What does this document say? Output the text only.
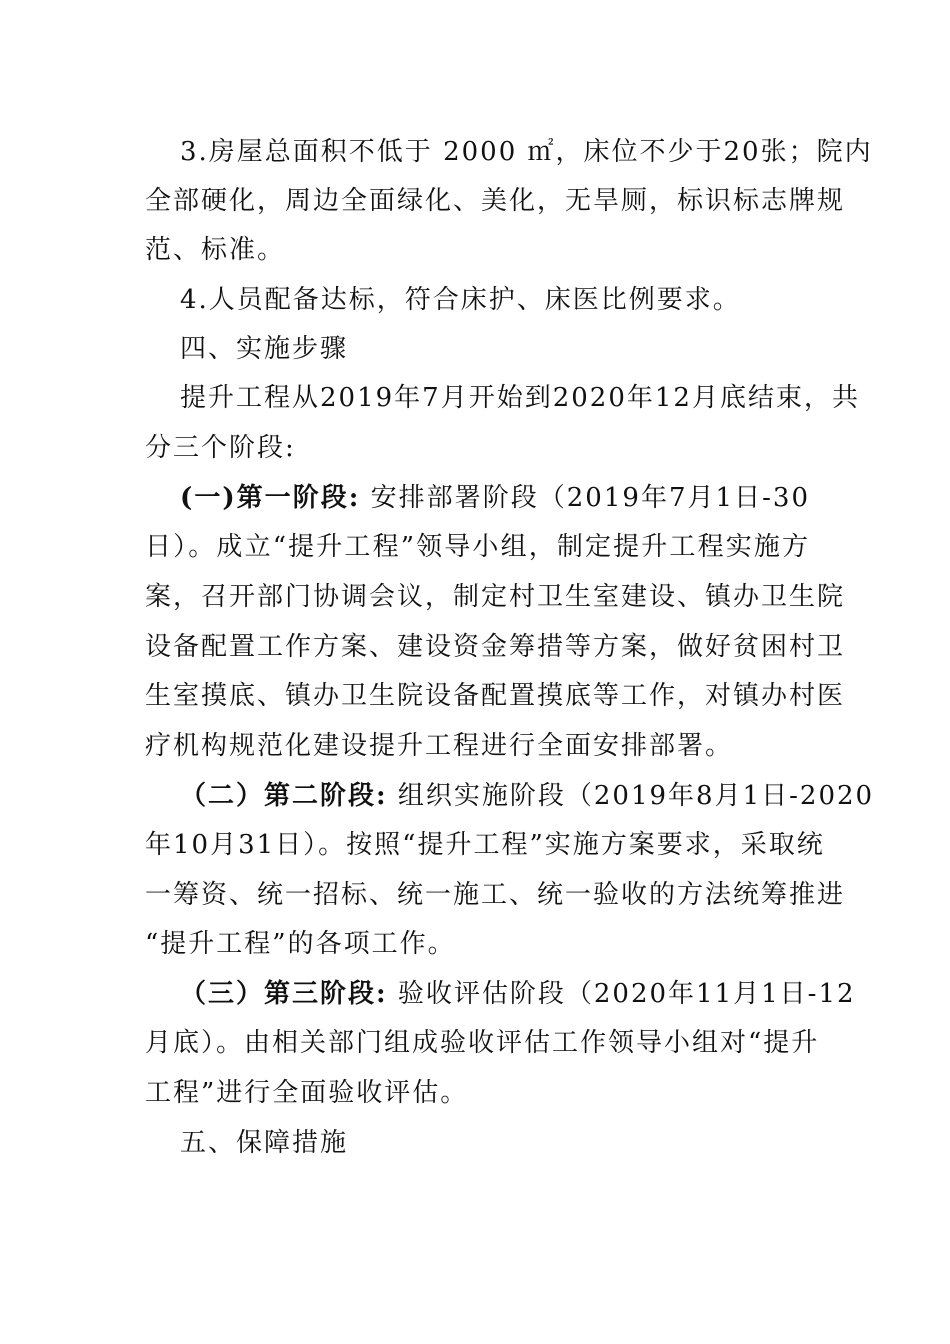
3.房屋总面积不低于 2000 ㎡，床位不少于20张；院内
全部硬化，周边全面绿化、美化，无旱厕，标识标志牌规
范、标准。
4.人员配备达标，符合床护、床医比例要求。
四、实施步骤
提升工程从2019年7月开始到2020年12月底结束，共
分三个阶段:
(一)第一阶段: 安排部署阶段（2019年7月1日-30
日）。成立“提升工程”领导小组，制定提升工程实施方
案，召开部门协调会议，制定村卫生室建设、镇办卫生院
设备配置工作方案、建设资金筹措等方案，做好贫困村卫
生室摸底、镇办卫生院设备配置摸底等工作，对镇办村医
疗机构规范化建设提升工程进行全面安排部署。
（二）第二阶段: 组织实施阶段（2019年8月1日-2020
年10月31日）。按照“提升工程”实施方案要求，采取统
一筹资、统一招标、统一施工、统一验收的方法统筹推进
“提升工程”的各项工作。
（三）第三阶段: 验收评估阶段（2020年11月1日-12
月底）。由相关部门组成验收评估工作领导小组对“提升
工程”进行全面验收评估。
五、保障措施
